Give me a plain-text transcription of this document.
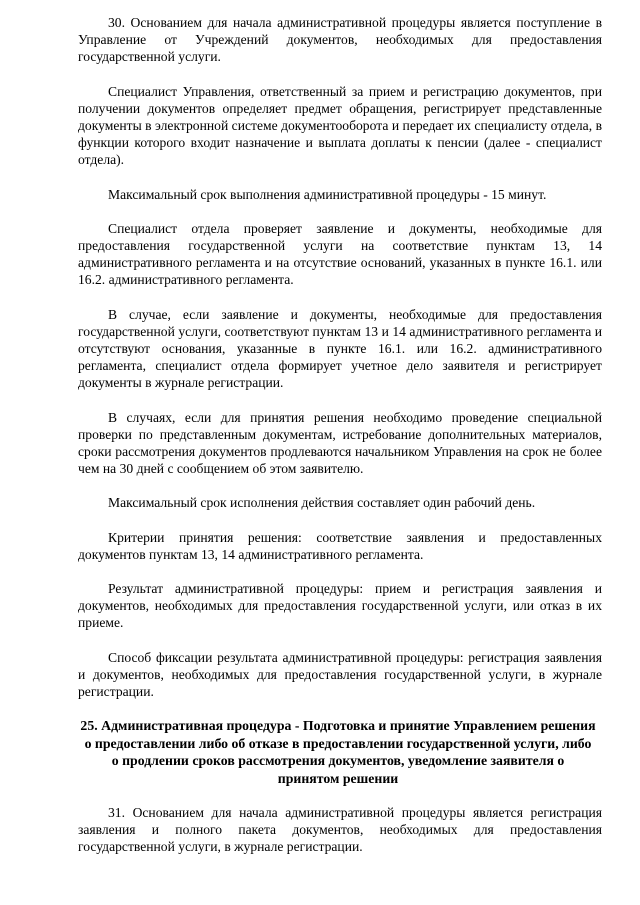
30. Основанием для начала административной процедуры является поступление в Управление от Учреждений документов, необходимых для предоставления государственной услуги.

Специалист Управления, ответственный за прием и регистрацию документов, при получении документов определяет предмет обращения, регистрирует представленные документы в электронной системе документооборота и передает их специалисту отдела, в функции которого входит назначение и выплата доплаты к пенсии (далее - специалист отдела).

Максимальный срок выполнения административной процедуры - 15 минут.

Специалист отдела проверяет заявление и документы, необходимые для предоставления государственной услуги на соответствие пунктам 13, 14 административного регламента и на отсутствие оснований, указанных в пункте 16.1. или 16.2. административного регламента.

В случае, если заявление и документы, необходимые для предоставления государственной услуги, соответствуют пунктам 13 и 14 административного регламента и отсутствуют основания, указанные в пункте 16.1. или 16.2. административного регламента, специалист отдела формирует учетное дело заявителя и регистрирует документы в журнале регистрации.

В случаях, если для принятия решения необходимо проведение специальной проверки по представленным документам, истребование дополнительных материалов, сроки рассмотрения документов продлеваются начальником Управления на срок не более чем на 30 дней с сообщением об этом заявителю.

Максимальный срок исполнения действия составляет один рабочий день.

Критерии принятия решения: соответствие заявления и предоставленных документов пунктам 13, 14 административного регламента.

Результат административной процедуры: прием и регистрация заявления и документов, необходимых для предоставления государственной услуги, или отказ в их приеме.

Способ фиксации результата административной процедуры: регистрация заявления и документов, необходимых для предоставления государственной услуги, в журнале регистрации.

25. Административная процедура - Подготовка и принятие Управлением решения о предоставлении либо об отказе в предоставлении государственной услуги, либо о продлении сроков рассмотрения документов, уведомление заявителя о принятом решении

31. Основанием для начала административной процедуры является регистрация заявления и полного пакета документов, необходимых для предоставления государственной услуги, в журнале регистрации.
